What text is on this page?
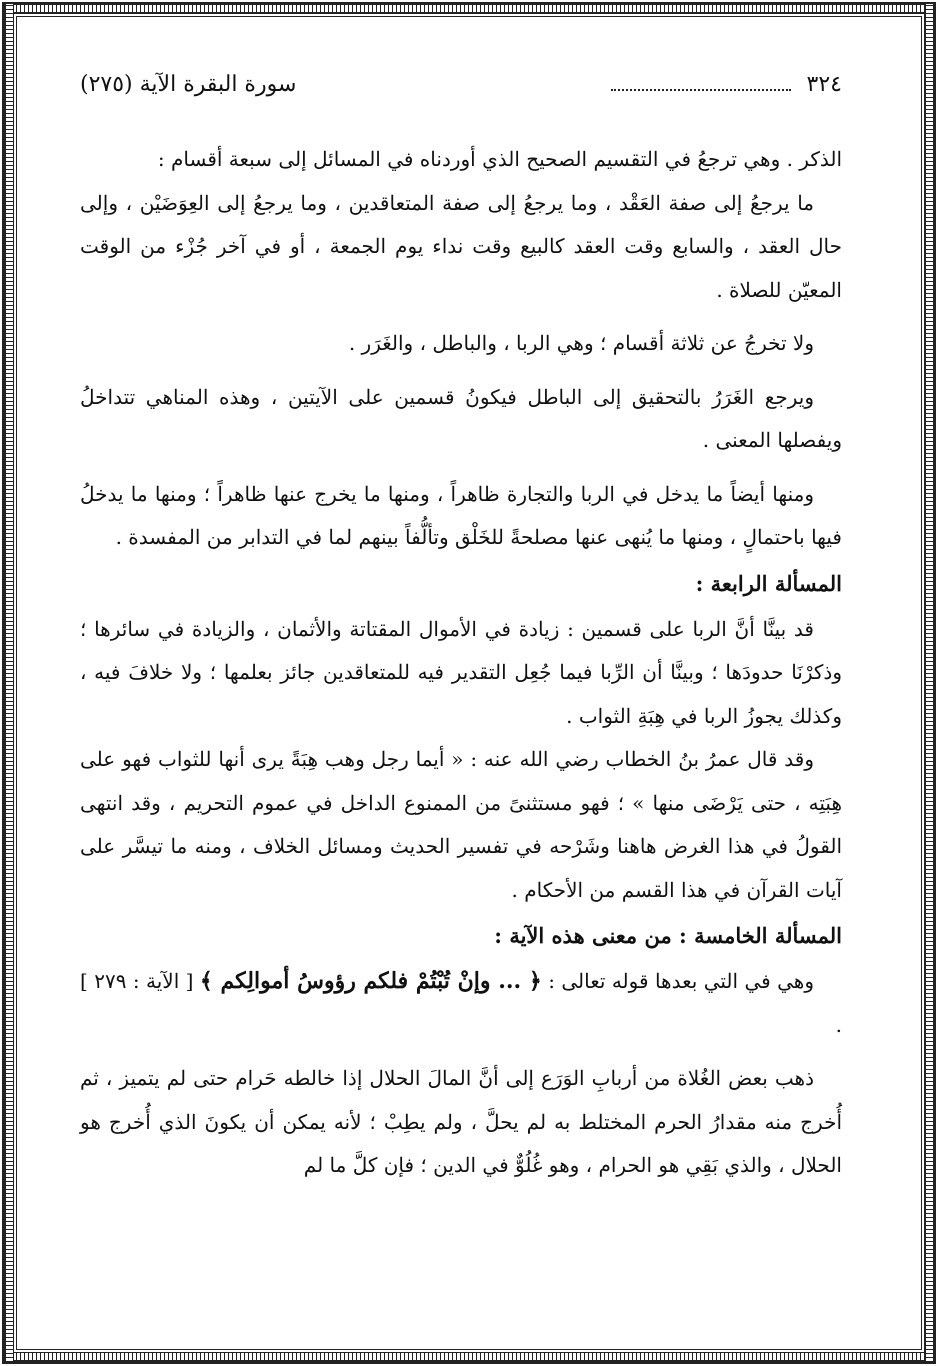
٣٢٤
سورة البقرة الآية (٢٧٥)

الذكر . وهي ترجعُ في التقسيم الصحيح الذي أوردناه في المسائل إلى سبعة أقسام :

ما يرجعُ إلى صفة العَقْد ، وما يرجعُ إلى صفة المتعاقدين ، وما يرجعُ إلى العِوَضَيْن ، وإلى حال العقد ، والسابع وقت العقد كالبيع وقت نداء يوم الجمعة ، أو في آخر جُزْء من الوقت المعيّن للصلاة .

ولا تخرجُ عن ثلاثة أقسام ؛ وهي الربا ، والباطل ، والغَرَر .

ويرجع الغَرَرُ بالتحقيق إلى الباطل فيكونُ قسمين على الآيتين ، وهذه المناهي تتداخلُ ويفصلها المعنى .

ومنها أيضاً ما يدخل في الربا والتجارة ظاهراً ، ومنها ما يخرج عنها ظاهراً ؛ ومنها ما يدخلُ فيها باحتمالٍ ، ومنها ما يُنهى عنها مصلحةً للخَلْق وتألُّفاً بينهم لما في التدابر من المفسدة .

المسألة الرابعة :

قد بينَّا أنَّ الربا على قسمين : زيادة في الأموال المقتاتة والأثمان ، والزيادة في سائرها ؛ وذكرْنَا حدودَها ؛ وبينَّا أن الرِّبا فيما جُعِل التقدير فيه للمتعاقدين جائز بعلمها ؛ ولا خلافَ فيه ، وكذلك يجوزُ الربا في هِبَةِ الثواب .

وقد قال عمرُ بنُ الخطاب رضي الله عنه : « أيما رجل وهب هِبَةً يرى أنها للثواب فهو على هِبَتِه ، حتى يَرْضَى منها » ؛ فهو مستثنىً من الممنوع الداخل في عموم التحريم ، وقد انتهى القولُ في هذا الغرض هاهنا وشَرْحه في تفسير الحديث ومسائل الخلاف ، ومنه ما تيسَّر على آيات القرآن في هذا القسم من الأحكام .

المسألة الخامسة : من معنى هذه الآية :

وهي في التي بعدها قوله تعالى : ﴿ ... وإنْ تُبْتُمْ فلكم رؤوسُ أموالِكم ﴾ [ الآية : ٢٧٩ ] .

ذهب بعض الغُلاة من أربابِ الوَرَع إلى أنَّ المالَ الحلال إذا خالطه حَرام حتى لم يتميز ، ثم أُخرج منه مقدارُ الحرم المختلط به لم يحلَّ ، ولم يطِبْ ؛ لأنه يمكن أن يكونَ الذي أُخرج هو الحلال ، والذي بَقِي هو الحرام ، وهو غُلُوٌّ في الدين ؛ فإن كلَّ ما لم
